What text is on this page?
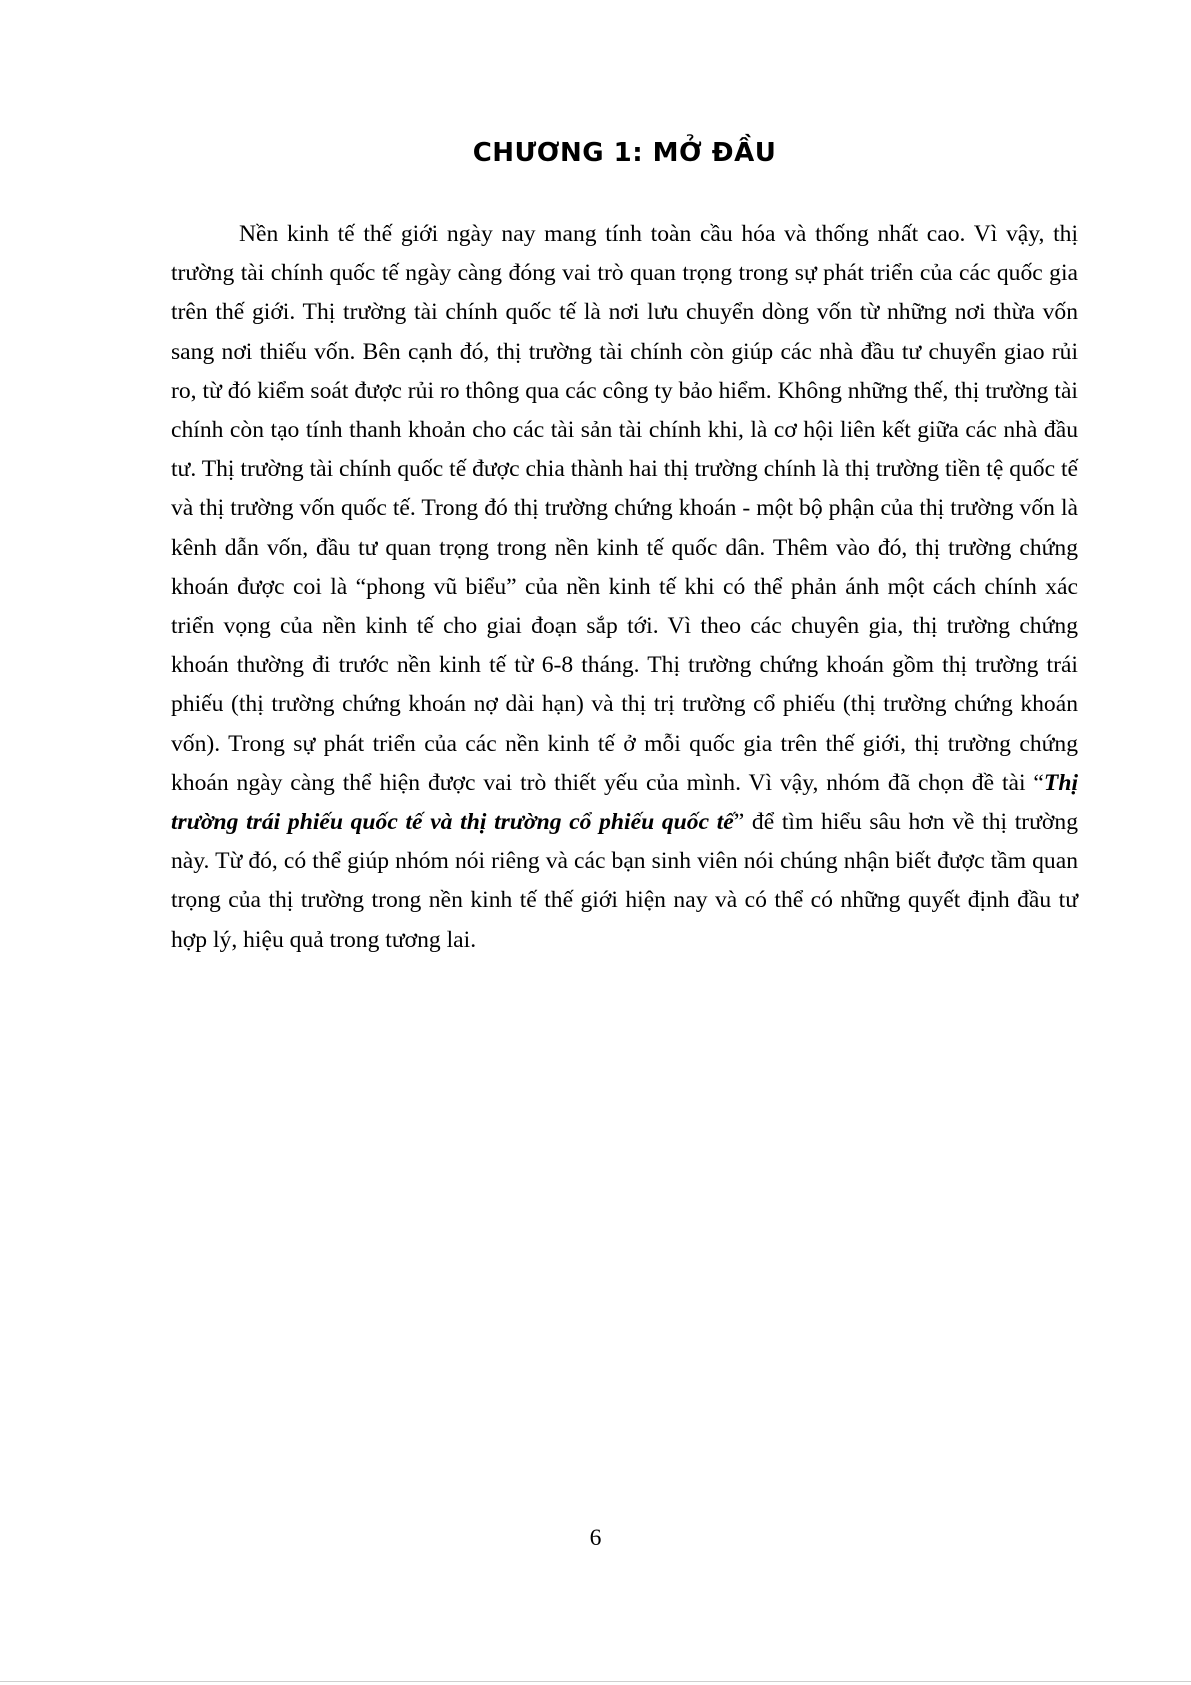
CHƯƠNG 1: MỞ ĐẦU

Nền kinh tế thế giới ngày nay mang tính toàn cầu hóa và thống nhất cao. Vì vậy, thị trường tài chính quốc tế ngày càng đóng vai trò quan trọng trong sự phát triển của các quốc gia trên thế giới. Thị trường tài chính quốc tế là nơi lưu chuyển dòng vốn từ những nơi thừa vốn sang nơi thiếu vốn. Bên cạnh đó, thị trường tài chính còn giúp các nhà đầu tư chuyển giao rủi ro, từ đó kiểm soát được rủi ro thông qua các công ty bảo hiểm. Không những thế, thị trường tài chính còn tạo tính thanh khoản cho các tài sản tài chính khi, là cơ hội liên kết giữa các nhà đầu tư. Thị trường tài chính quốc tế được chia thành hai thị trường chính là thị trường tiền tệ quốc tế và thị trường vốn quốc tế. Trong đó thị trường chứng khoán - một bộ phận của thị trường vốn là kênh dẫn vốn, đầu tư quan trọng trong nền kinh tế quốc dân. Thêm vào đó, thị trường chứng khoán được coi là “phong vũ biểu” của nền kinh tế khi có thể phản ánh một cách chính xác triển vọng của nền kinh tế cho giai đoạn sắp tới. Vì theo các chuyên gia, thị trường chứng khoán thường đi trước nền kinh tế từ 6-8 tháng. Thị trường chứng khoán gồm thị trường trái phiếu (thị trường chứng khoán nợ dài hạn) và thị trị trường cổ phiếu (thị trường chứng khoán vốn). Trong sự phát triển của các nền kinh tế ở mỗi quốc gia trên thế giới, thị trường chứng khoán ngày càng thể hiện được vai trò thiết yếu của mình. Vì vậy, nhóm đã chọn đề tài “Thị trường trái phiếu quốc tế và thị trường cổ phiếu quốc tế” để tìm hiểu sâu hơn về thị trường này. Từ đó, có thể giúp nhóm nói riêng và các bạn sinh viên nói chúng nhận biết được tầm quan trọng của thị trường trong nền kinh tế thế giới hiện nay và có thể có những quyết định đầu tư hợp lý, hiệu quả trong tương lai.

6
